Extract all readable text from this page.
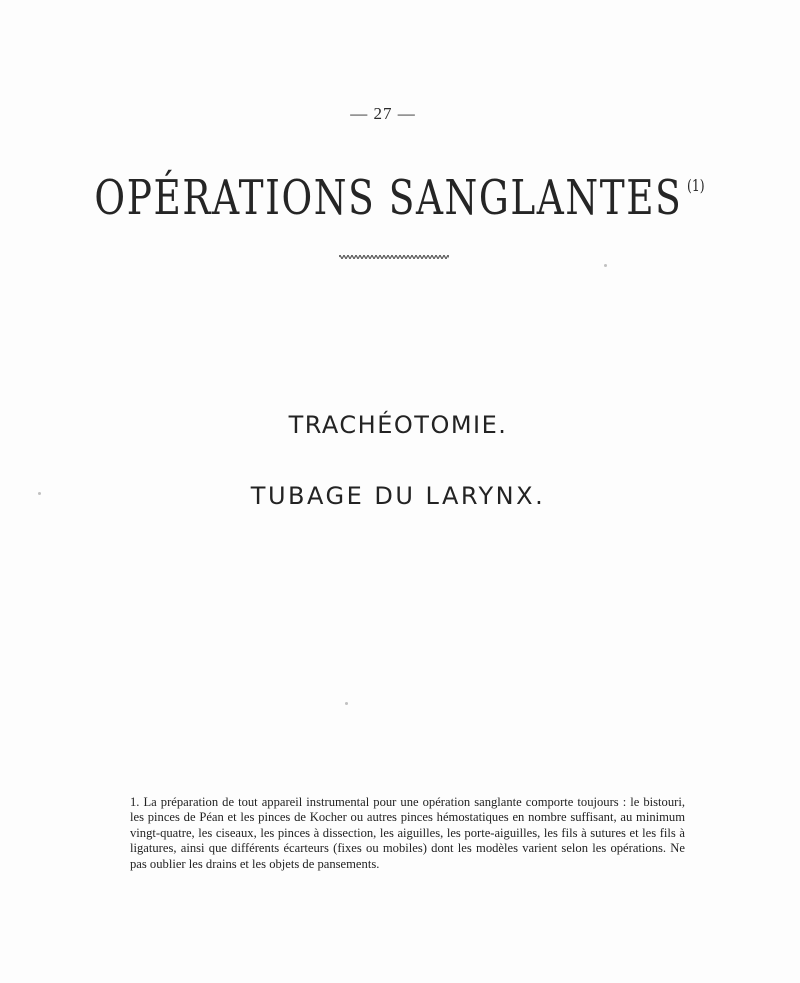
— 27 —
OPÉRATIONS SANGLANTES $^{(1)}$
TRACHÉOTOMIE.
TUBAGE DU LARYNX.

1. La préparation de tout appareil instrumental pour une opération sanglante comporte toujours : le bistouri, les pinces de Péan et les pinces de Kocher ou autres pinces hémostatiques en nombre suffisant, au minimum vingt-quatre, les ciseaux, les pinces à dissection, les aiguilles, les porte-aiguilles, les fils à sutures et les fils à ligatures, ainsi que différents écarteurs (fixes ou mobiles) dont les modèles varient selon les opérations. Ne pas oublier les drains et les objets de pansements.
